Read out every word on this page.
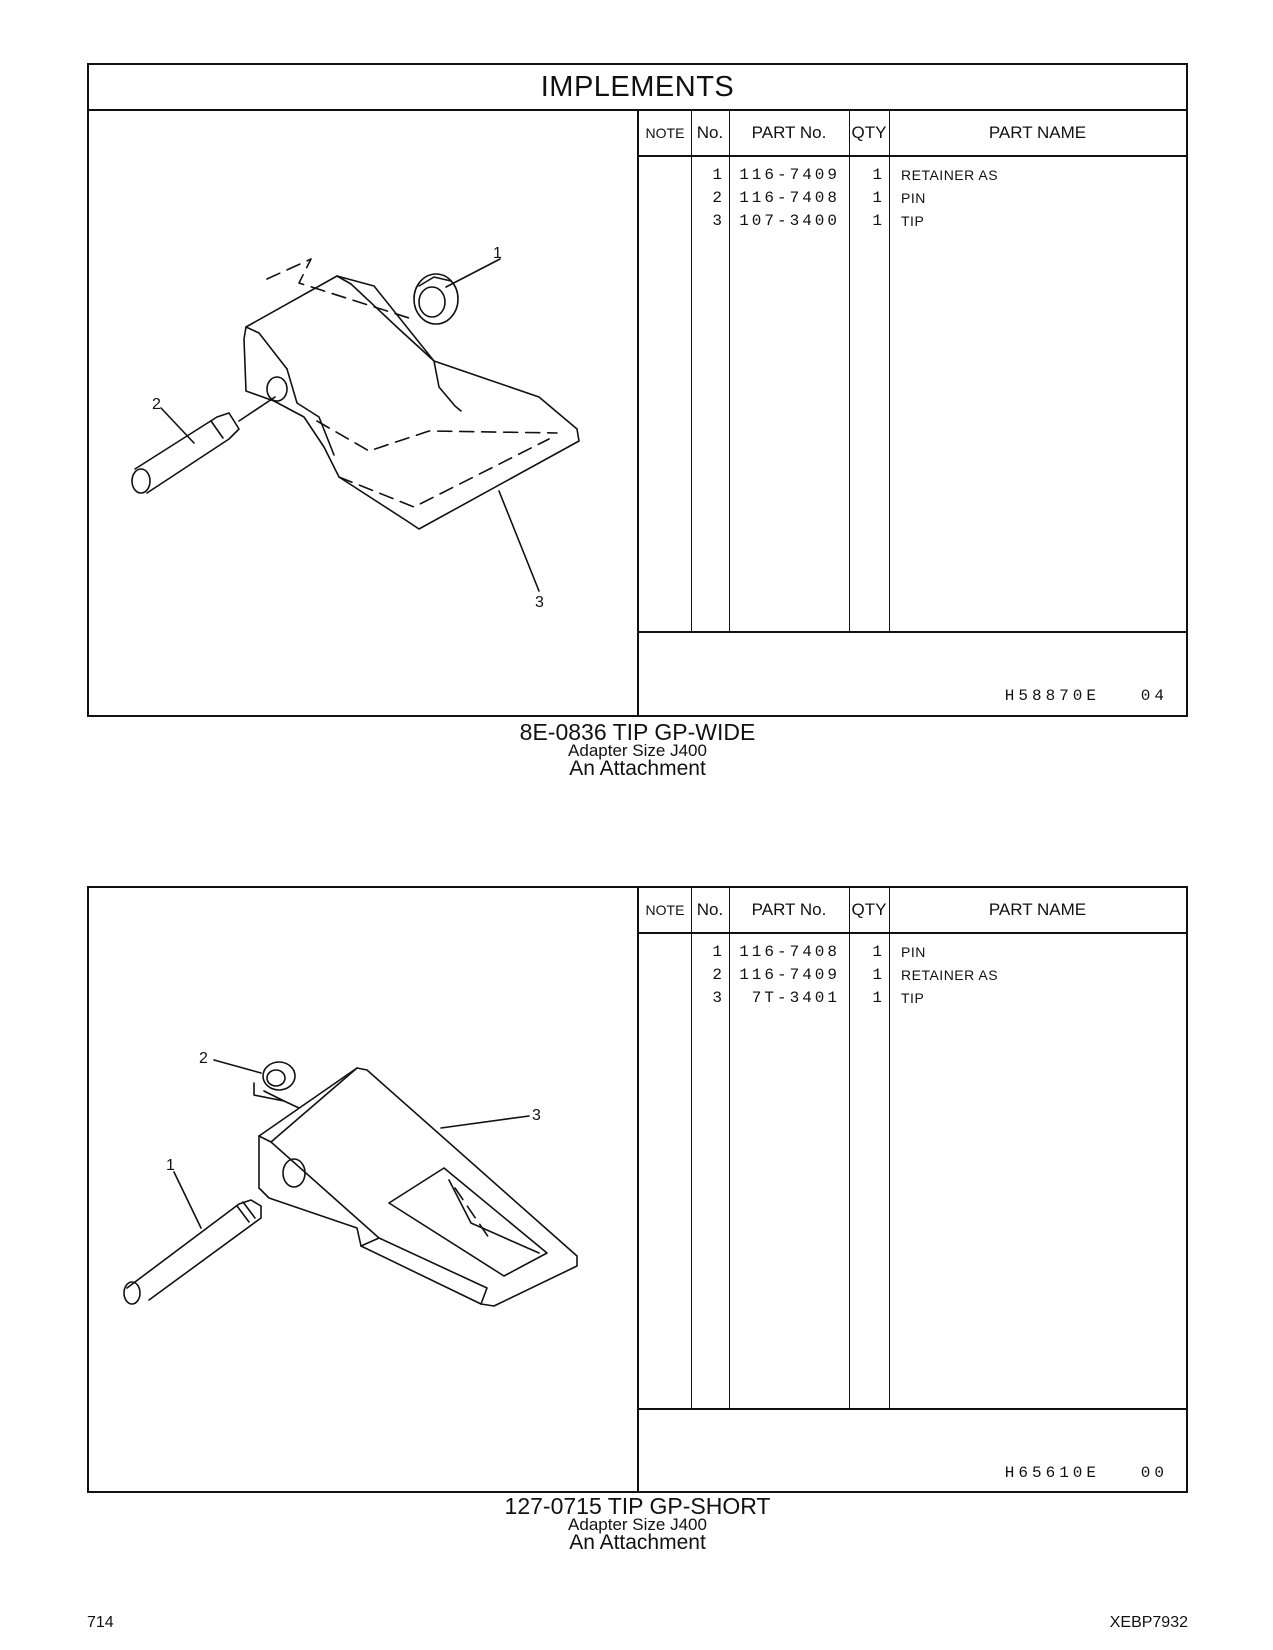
IMPLEMENTS
1
2
3
NOTE No.	PART No.	QTY	PART NAME
1	116-7409	1 RETAINER AS
2	116-7408	1 PIN
3	107-3400	1 TIP
H58870E   04
8E-0836 TIP GP-WIDE
Adapter Size J400
An Attachment
2
3
1
NOTE No.	PART No.	QTY	PART NAME
1	116-7408	1 PIN
2	116-7409	1 RETAINER AS
3	7T-3401	1 TIP
H65610E   00
127-0715 TIP GP-SHORT
Adapter Size J400
An Attachment
714	XEBP7932
